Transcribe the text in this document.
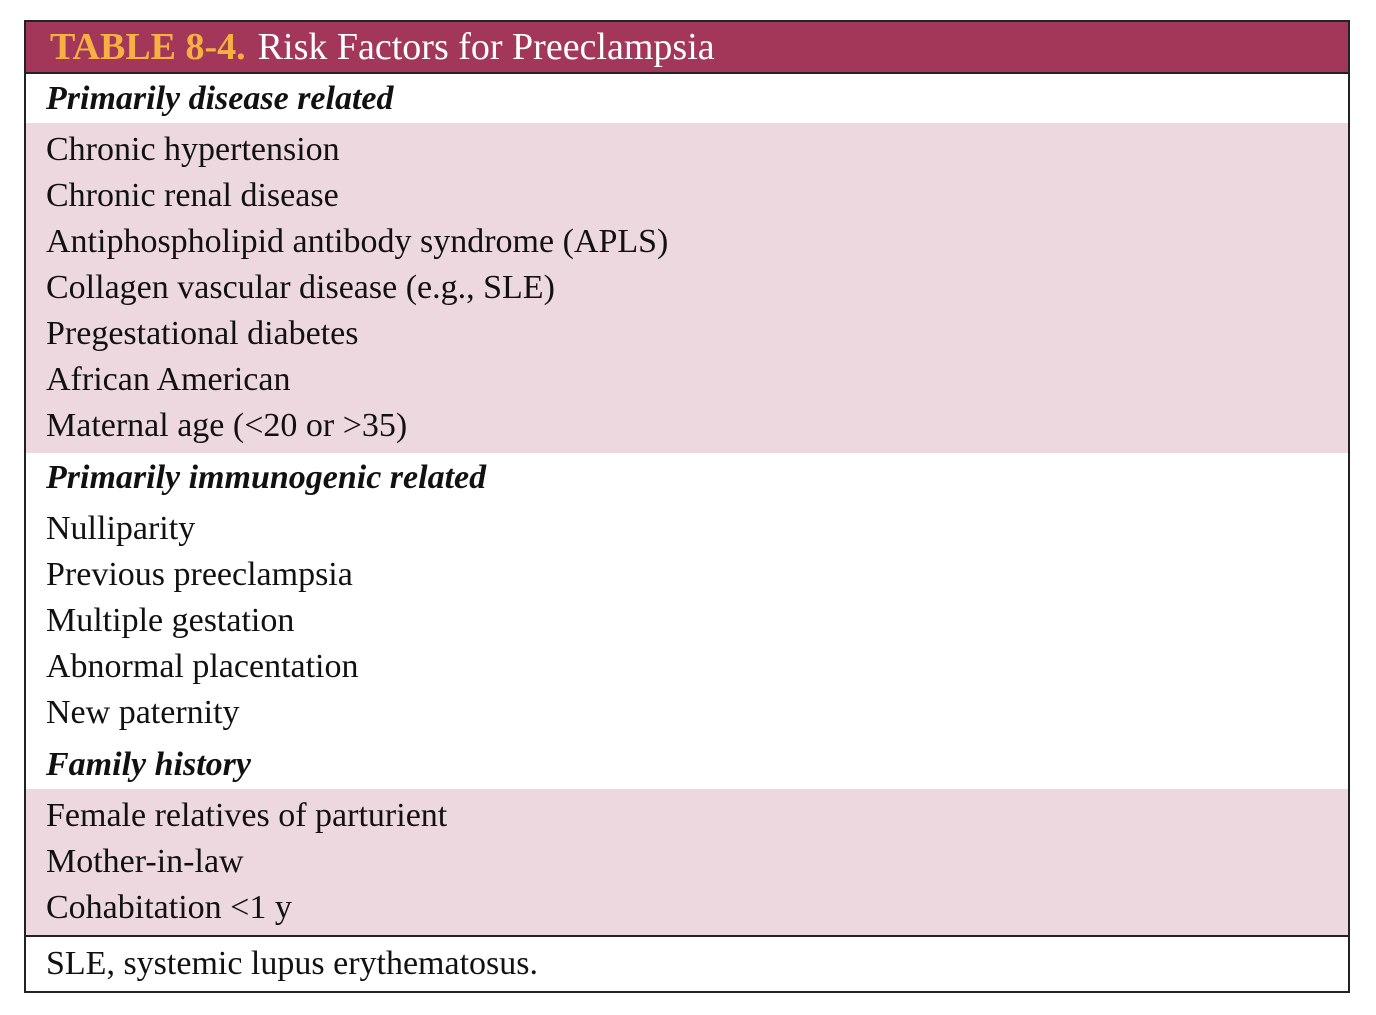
TABLE 8-4. Risk Factors for Preeclampsia
Primarily disease related
Chronic hypertension
Chronic renal disease
Antiphospholipid antibody syndrome (APLS)
Collagen vascular disease (e.g., SLE)
Pregestational diabetes
African American
Maternal age (<20 or >35)
Primarily immunogenic related
Nulliparity
Previous preeclampsia
Multiple gestation
Abnormal placentation
New paternity
Family history
Female relatives of parturient
Mother-in-law
Cohabitation <1 y
SLE, systemic lupus erythematosus.
